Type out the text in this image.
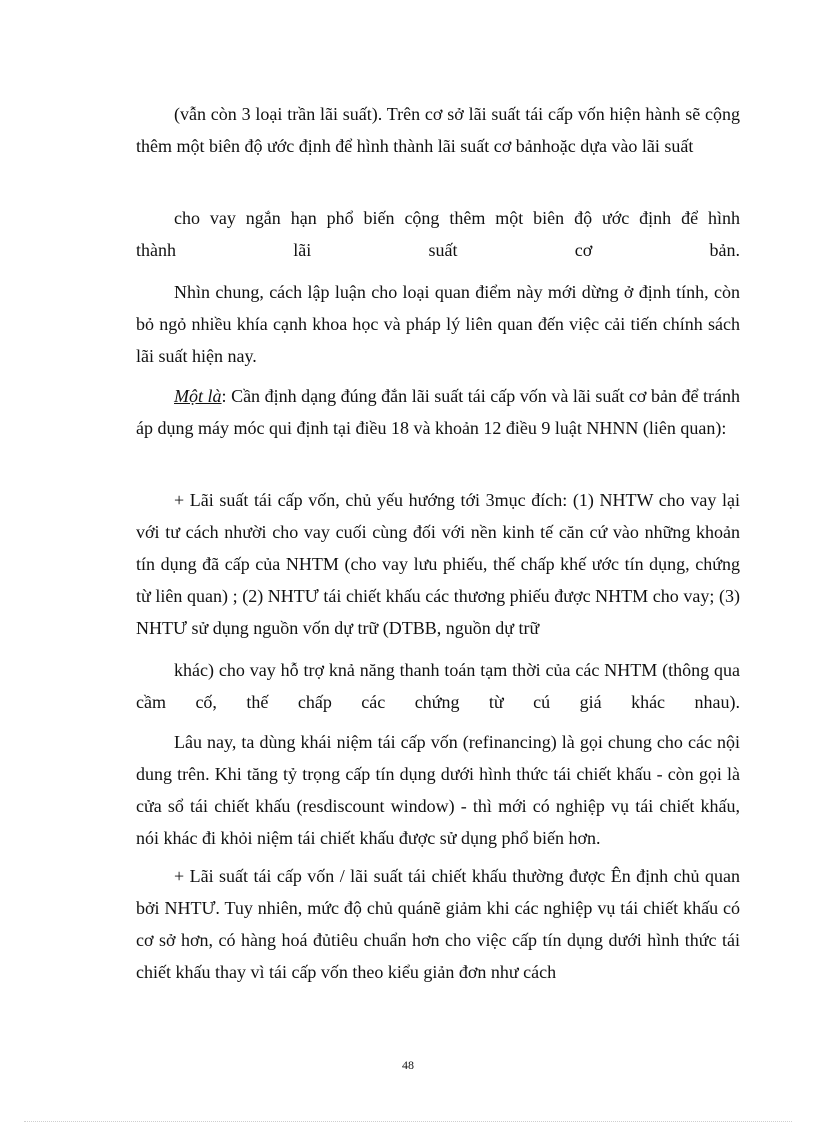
(vẫn còn 3 loại trần lãi suất). Trên cơ sở lãi suất tái cấp vốn hiện hành sẽ cộng thêm một biên độ ước định để hình thành lãi suất cơ bảnhoặc dựa vào lãi suất

cho vay ngắn hạn phổ biến cộng thêm một biên độ ước định để hình

thành lãi suất cơ bản.

Nhìn chung, cách lập luận cho loại quan điểm này mới dừng ở định tính, còn bỏ ngỏ nhiều khía cạnh khoa học và pháp lý liên quan đến việc cải tiến chính sách lãi suất hiện nay.

Một là: Cần định dạng đúng đắn lãi suất tái cấp vốn và lãi suất cơ bản để tránh áp dụng máy móc qui định tại điều 18 và khoản 12 điều 9 luật NHNN (liên quan):

+ Lãi suất tái cấp vốn, chủ yếu hướng tới 3mục đích: (1) NHTW cho vay lại với tư cách nhười cho vay cuối cùng đối với nền kinh tế căn cứ vào những khoản tín dụng đã cấp của NHTM (cho vay lưu phiếu, thế chấp khế ước tín dụng, chứng từ liên quan) ; (2) NHTƯ tái chiết khấu các thương phiếu được NHTM cho vay; (3) NHTƯ sử dụng nguồn vốn dự trữ (DTBB, nguồn dự trữ

khác) cho vay hỗ trợ knả năng thanh toán tạm thời của các NHTM (thông qua cầm cố, thế chấp các chứng từ cú giá khác nhau).

Lâu nay, ta dùng khái niệm tái cấp vốn (refinancing) là gọi chung cho các nội dung trên. Khi tăng tỷ trọng cấp tín dụng dưới hình thức tái chiết khấu - còn gọi là cửa sổ tái chiết khấu (resdiscount window) - thì mới có nghiệp vụ tái chiết khấu, nói khác đi khỏi niệm tái chiết khấu được sử dụng phổ biến hơn.

+ Lãi suất tái cấp vốn / lãi suất tái chiết khấu thường được Ên định chủ quan bởi NHTƯ. Tuy nhiên, mức độ chủ quánẽ giảm khi các nghiệp vụ tái chiết khấu có cơ sở hơn, có hàng hoá đủtiêu chuẩn hơn cho việc cấp tín dụng dưới hình thức tái chiết khấu thay vì tái cấp vốn theo kiểu giản đơn như cách

48
